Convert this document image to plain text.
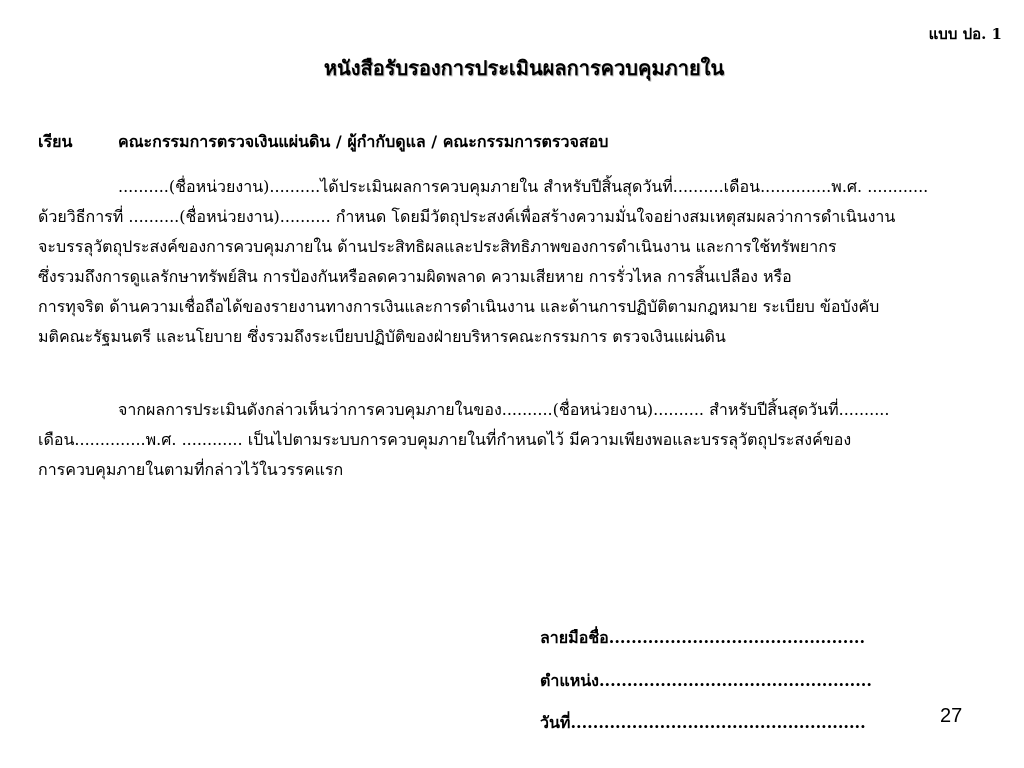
แบบ ปอ. 1
หนังสือรับรองการประเมินผลการควบคุมภายใน
เรียน	คณะกรรมการตรวจเงินแผ่นดิน / ผู้กำกับดูแล / คณะกรรมการตรวจสอบ
..........(ชื่อหน่วยงาน)..........ได้ประเมินผลการควบคุมภายใน สำหรับปีสิ้นสุดวันที่..........เดือน..............พ.ศ. ............
ด้วยวิธีการที่ ..........(ชื่อหน่วยงาน).......... กำหนด โดยมีวัตถุประสงค์เพื่อสร้างความมั่นใจอย่างสมเหตุสมผลว่าการดำเนินงาน
จะบรรลุวัตถุประสงค์ของการควบคุมภายใน ด้านประสิทธิผลและประสิทธิภาพของการดำเนินงาน และการใช้ทรัพยากร
ซึ่งรวมถึงการดูแลรักษาทรัพย์สิน การป้องกันหรือลดความผิดพลาด ความเสียหาย การรั่วไหล การสิ้นเปลือง หรือ
การทุจริต ด้านความเชื่อถือได้ของรายงานทางการเงินและการดำเนินงาน และด้านการปฏิบัติตามกฎหมาย ระเบียบ ข้อบังคับ
มติคณะรัฐมนตรี และนโยบาย ซึ่งรวมถึงระเบียบปฏิบัติของฝ่ายบริหารคณะกรรมการ ตรวจเงินแผ่นดิน
จากผลการประเมินดังกล่าวเห็นว่าการควบคุมภายในของ..........(ชื่อหน่วยงาน).......... สำหรับปีสิ้นสุดวันที่..........
เดือน..............พ.ศ. ............ เป็นไปตามระบบการควบคุมภายในที่กำหนดไว้ มีความเพียงพอและบรรลุวัตถุประสงค์ของ
การควบคุมภายในตามที่กล่าวไว้ในวรรคแรก
ลายมือชื่อ..............................................
ตำแหน่ง.................................................
วันที่.....................................................	27
